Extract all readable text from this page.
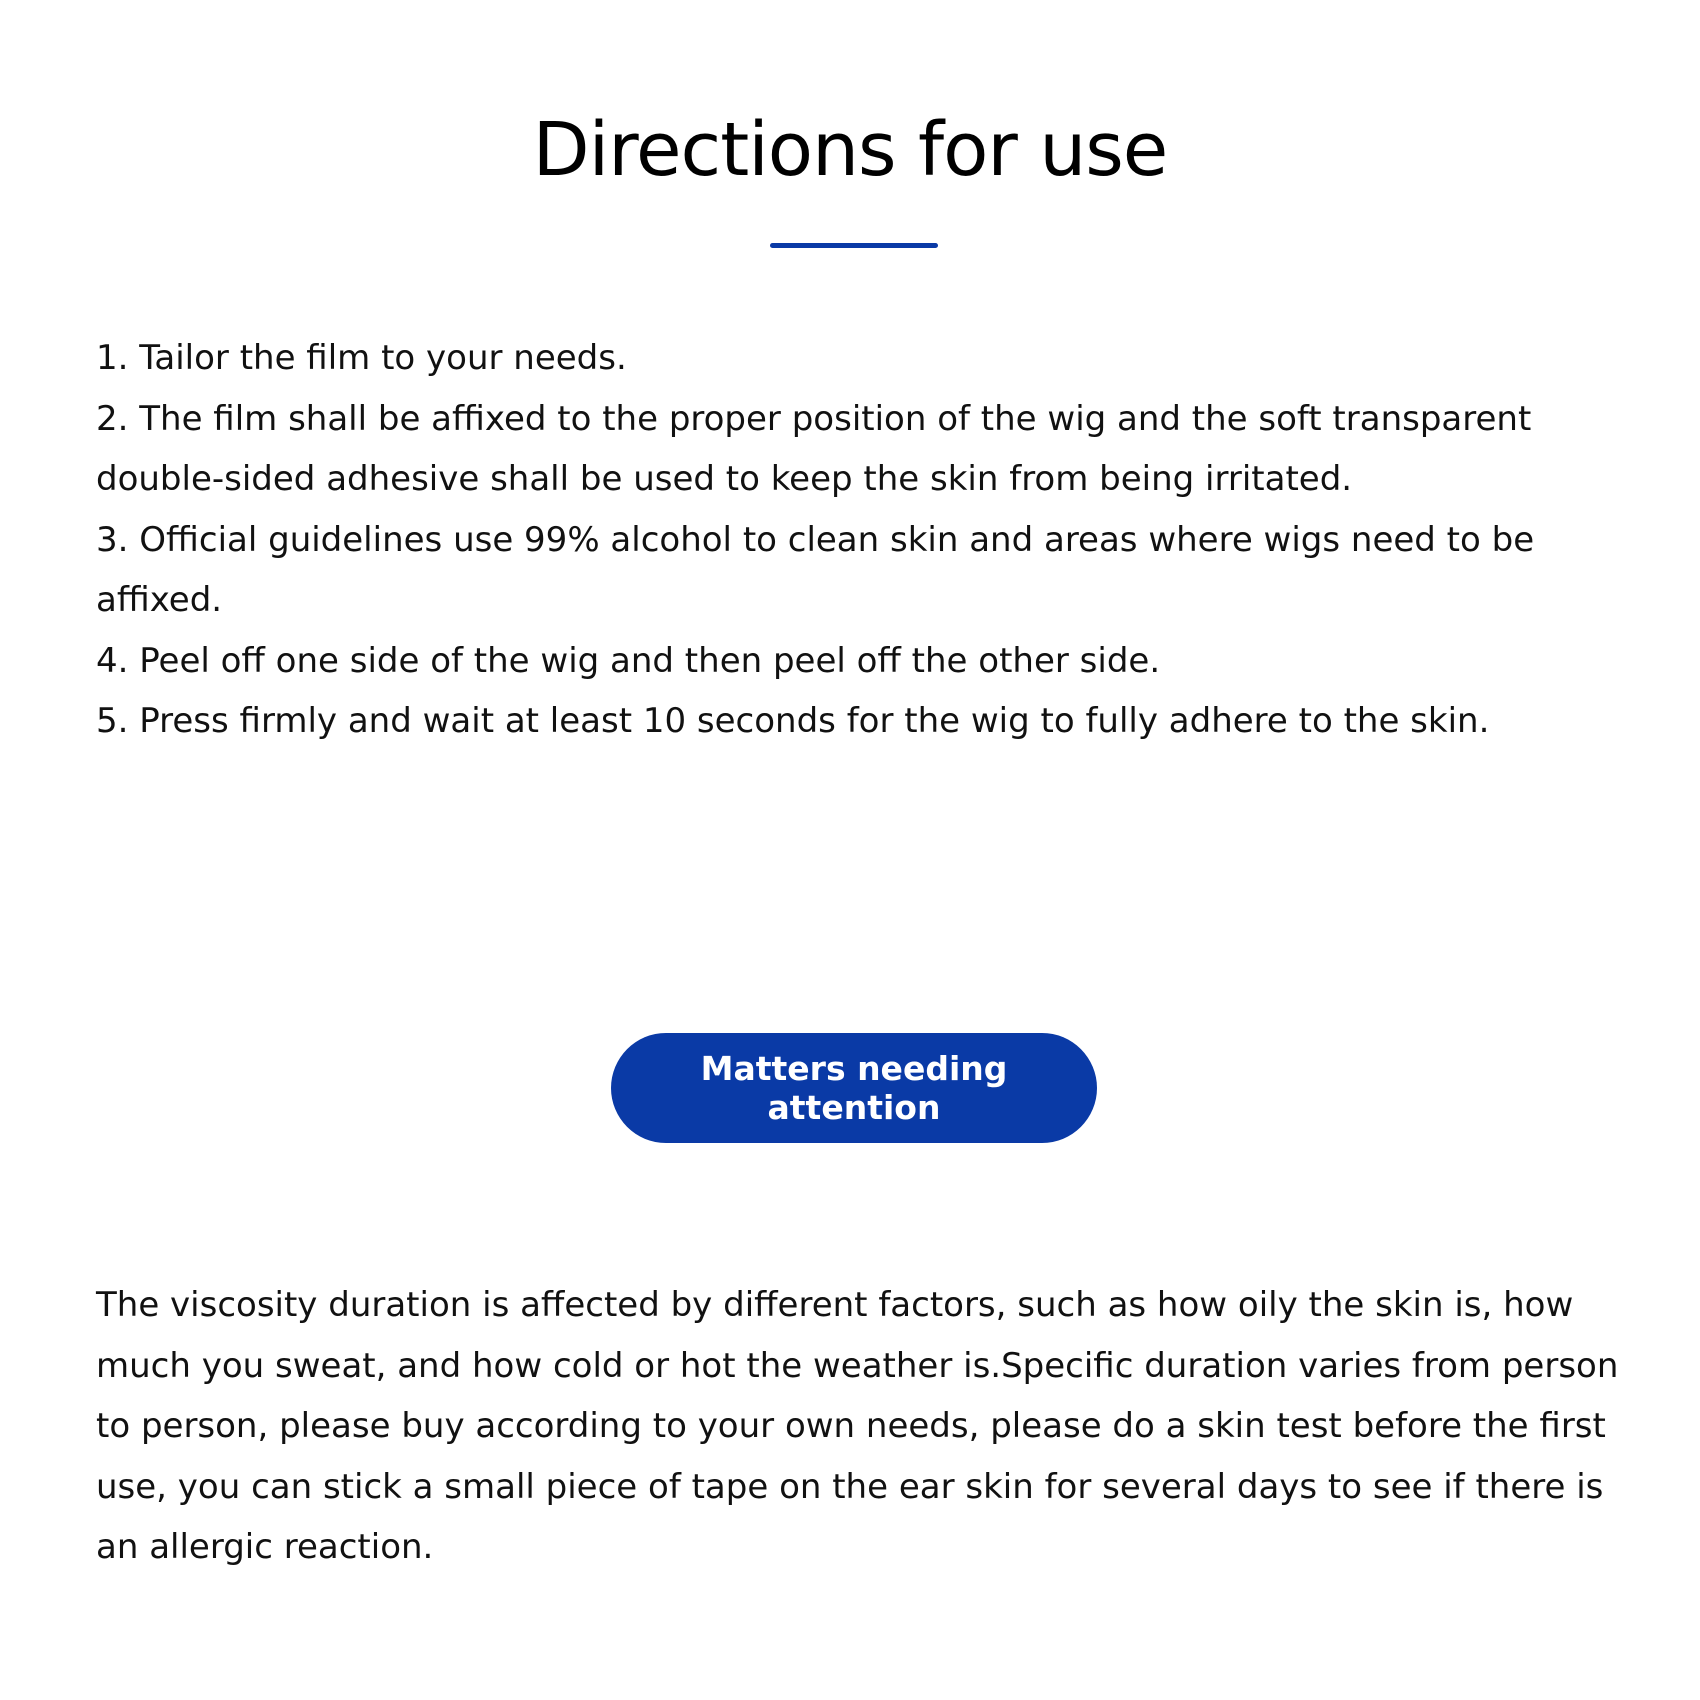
Directions for use
1. Tailor the film to your needs.
2. The film shall be affixed to the proper position of the wig and the soft transparent double-sided adhesive shall be used to keep the skin from being irritated.
3. Official guidelines use 99% alcohol to clean skin and areas where wigs need to be affixed.
4. Peel off one side of the wig and then peel off the other side.
5. Press firmly and wait at least 10 seconds for the wig to fully adhere to the skin.
Matters needing attention

The viscosity duration is affected by different factors, such as how oily the skin is, how much you sweat, and how cold or hot the weather is.Specific duration varies from person to person, please buy according to your own needs, please do a skin test before the first use, you can stick a small piece of tape on the ear skin for several days to see if there is an allergic reaction.
